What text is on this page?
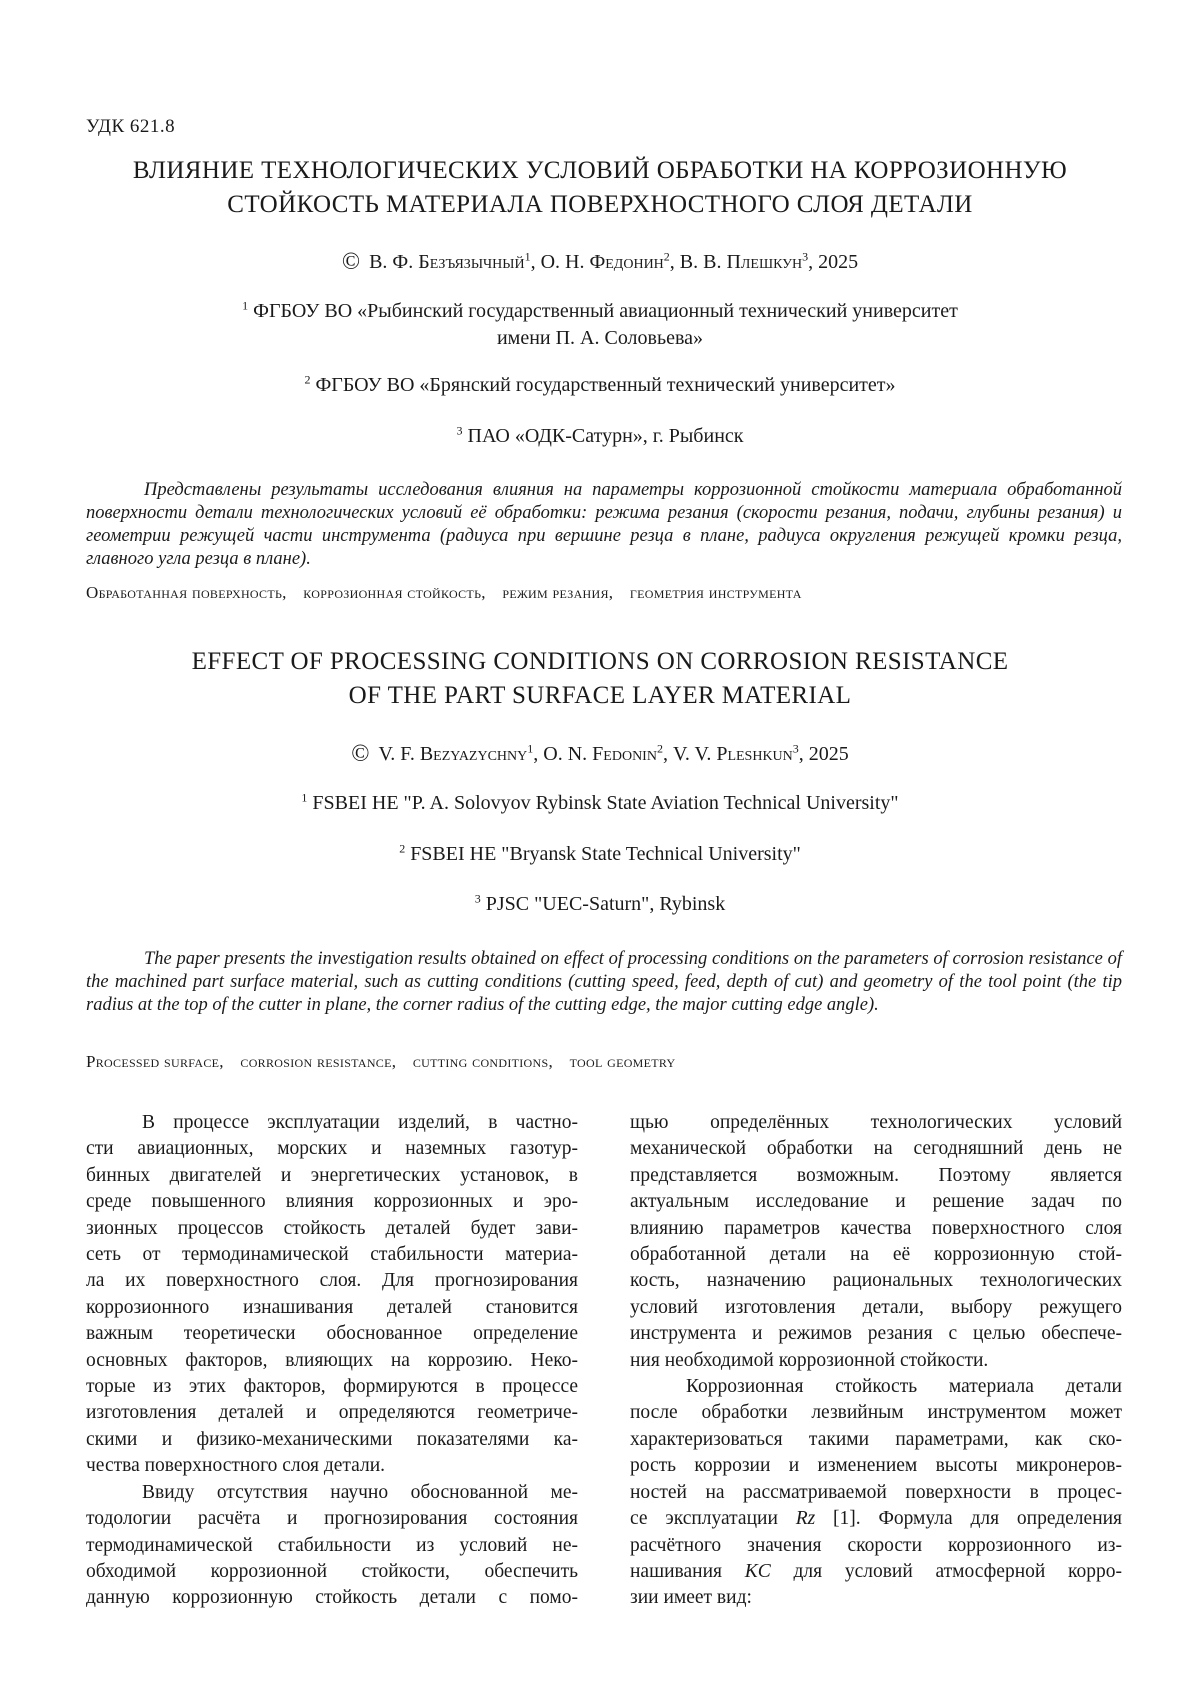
УДК 621.8
ВЛИЯНИЕ ТЕХНОЛОГИЧЕСКИХ УСЛОВИЙ ОБРАБОТКИ НА КОРРОЗИОННУЮ
СТОЙКОСТЬ МАТЕРИАЛА ПОВЕРХНОСТНОГО СЛОЯ ДЕТАЛИ
© В. Ф. Безъязычный1, О. Н. Федонин2, В. В. Плешкун3, 2025
1 ФГБОУ ВО «Рыбинский государственный авиационный технический университет
имени П. А. Соловьева»
2 ФГБОУ ВО «Брянский государственный технический университет»
3 ПАО «ОДК-Сатурн», г. Рыбинск

Представлены результаты исследования влияния на параметры коррозионной стойкости материала обработанной поверхности детали технологических условий её обработки: режима резания (скорости резания, подачи, глубины резания) и геометрии режущей части инструмента (радиуса при вершине резца в плане, радиуса округления режущей кромки резца, главного угла резца в плане).

Обработанная поверхность, коррозионная стойкость, режим резания, геометрия инструмента
EFFECT OF PROCESSING CONDITIONS ON CORROSION RESISTANCE
OF THE PART SURFACE LAYER MATERIAL
© V. F. Bezyazychny1, O. N. Fedonin2, V. V. Pleshkun3, 2025
1 FSBEI HE "P. A. Solovyov Rybinsk State Aviation Technical University"
2 FSBEI HE "Bryansk State Technical University"
3 PJSC "UEC-Saturn", Rybinsk

The paper presents the investigation results obtained on effect of processing conditions on the parameters of corrosion resistance of the machined part surface material, such as cutting conditions (cutting speed, feed, depth of cut) and geometry of the tool point (the tip radius at the top of the cutter in plane, the corner radius of the cutting edge, the major cutting edge angle).

Processed surface, corrosion resistance, cutting conditions, tool geometry

В процессе эксплуатации изделий, в частно-
сти авиационных, морских и наземных газотур-
бинных двигателей и энергетических установок, в
среде повышенного влияния коррозионных и эро-
зионных процессов стойкость деталей будет зави-
сеть от термодинамической стабильности материа-
ла их поверхностного слоя. Для прогнозирования
коррозионного изнашивания деталей становится
важным теоретически обоснованное определение
основных факторов, влияющих на коррозию. Неко-
торые из этих факторов, формируются в процессе
изготовления деталей и определяются геометриче-
скими и физико-механическими показателями ка-
чества поверхностного слоя детали.

Ввиду отсутствия научно обоснованной ме-
тодологии расчёта и прогнозирования состояния
термодинамической стабильности из условий не-
обходимой коррозионной стойкости, обеспечить
данную коррозионную стойкость детали с помо-

щью определённых технологических условий
механической обработки на сегодняшний день не
представляется возможным. Поэтому является
актуальным исследование и решение задач по
влиянию параметров качества поверхностного слоя
обработанной детали на её коррозионную стой-
кость, назначению рациональных технологических
условий изготовления детали, выбору режущего
инструмента и режимов резания с целью обеспече-
ния необходимой коррозионной стойкости.

Коррозионная стойкость материала детали
после обработки лезвийным инструментом может
характеризоваться такими параметрами, как ско-
рость коррозии и изменением высоты микронеров-
ностей на рассматриваемой поверхности в процес-
се эксплуатации Rz [1]. Формула для определения
расчётного значения скорости коррозионного из-
нашивания KC для условий атмосферной корро-
зии имеет вид:
